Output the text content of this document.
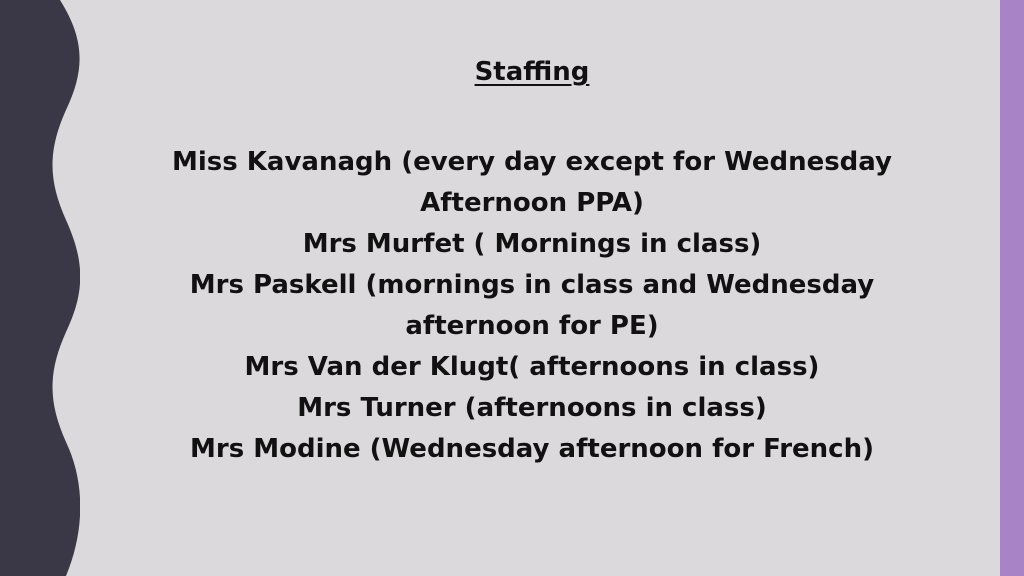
Staffing
Miss Kavanagh (every day except for Wednesday
Afternoon PPA)
Mrs Murfet ( Mornings in class)
Mrs Paskell (mornings in class and Wednesday
afternoon for PE)
Mrs Van der Klugt( afternoons in class)
Mrs Turner (afternoons in class)
Mrs Modine (Wednesday afternoon for French)
